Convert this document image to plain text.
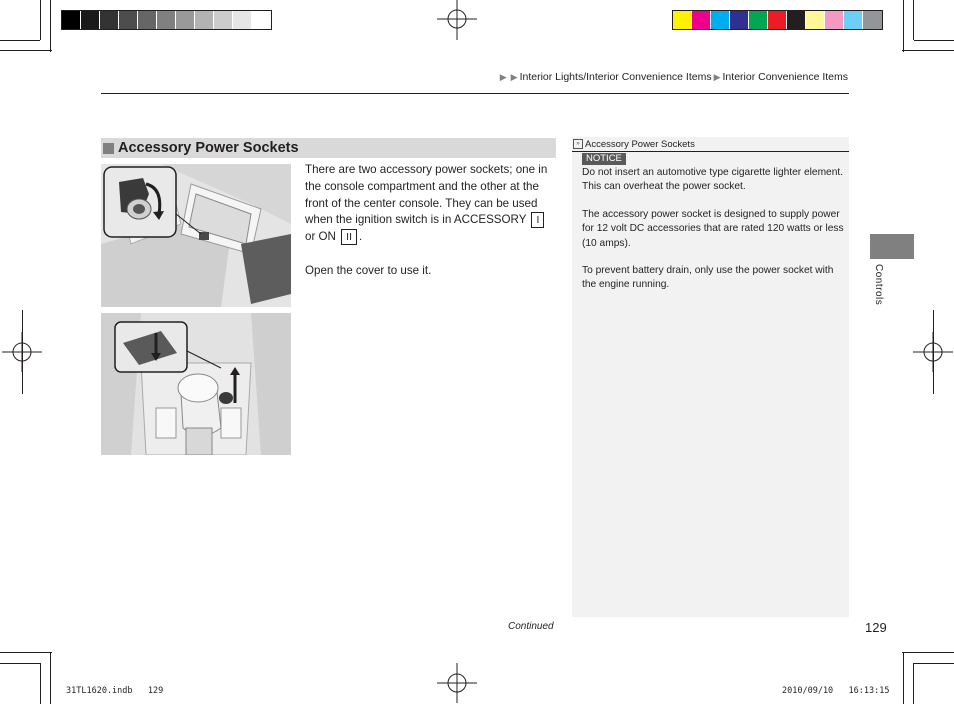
▶ ▶ Interior Lights/Interior Convenience Items ▶ Interior Convenience Items
Accessory Power Sockets

There are two accessory power sockets; one in the console compartment and the other at the front of the center console. They can be used when the ignition switch is in ACCESSORY I or ON II .

Open the cover to use it.

» Accessory Power Sockets
NOTICE

Do not insert an automotive type cigarette lighter element.
This can overheat the power socket.

The accessory power socket is designed to supply power for 12 volt DC accessories that are rated 120 watts or less (10 amps).

To prevent battery drain, only use the power socket with the engine running.	Controls
Continued	129
31TL1620.indb   129	2010/09/10   16:13:15
